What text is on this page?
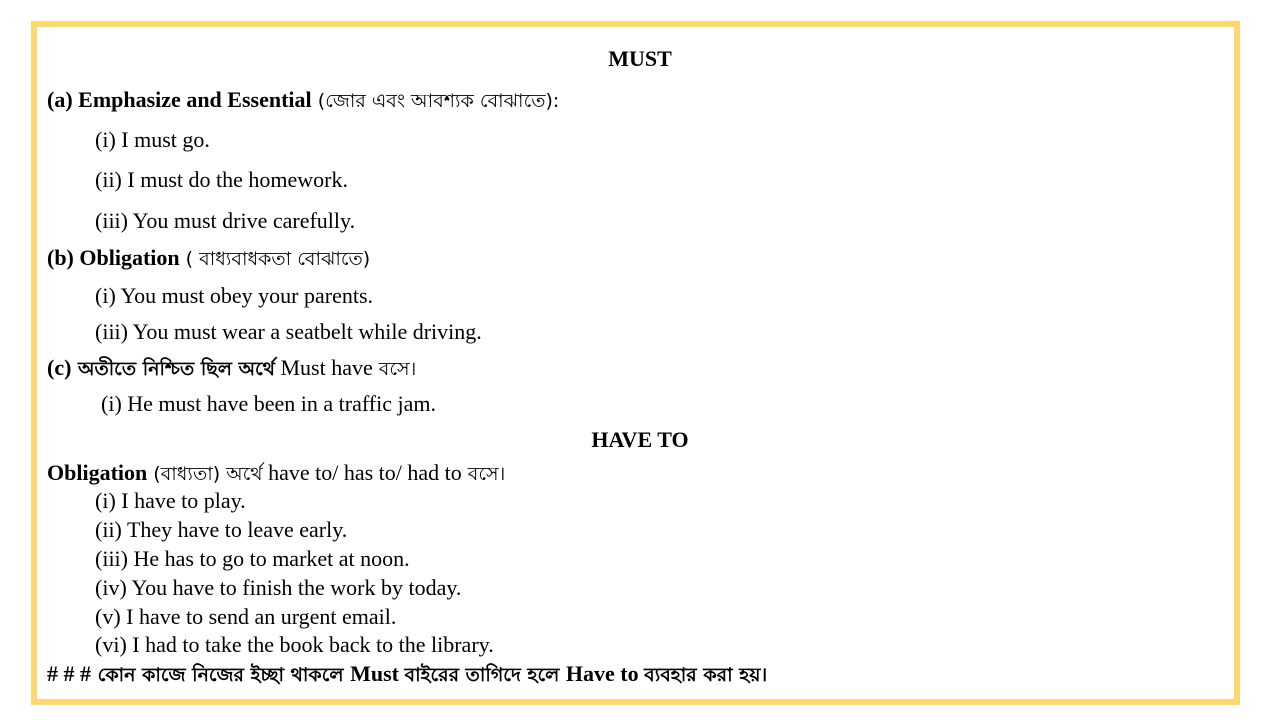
MUST
(a) Emphasize and Essential (জোর এবং আবশ্যক বোঝাতে):
(i) I must go.
(ii) I must do the homework.
(iii) You must drive carefully.
(b) Obligation ( বাধ্যবাধকতা বোঝাতে)
(i) You must obey your parents.
(iii) You must wear a seatbelt while driving.
(c) অতীতে নিশ্চিত ছিল অর্থে Must have বসে।
(i) He must have been in a traffic jam.
HAVE TO
Obligation (বাধ্যতা) অর্থে have to/ has to/ had to বসে।
(i) I have to play.
(ii) They have to leave early.
(iii) He has to go to market at noon.
(iv) You have to finish the work by today.
(v) I have to send an urgent email.
(vi) I had to take the book back to the library.
# # # কোন কাজে নিজের ইচ্ছা থাকলে Must বাইরের তাগিদে হলে Have to ব্যবহার করা হয়।
